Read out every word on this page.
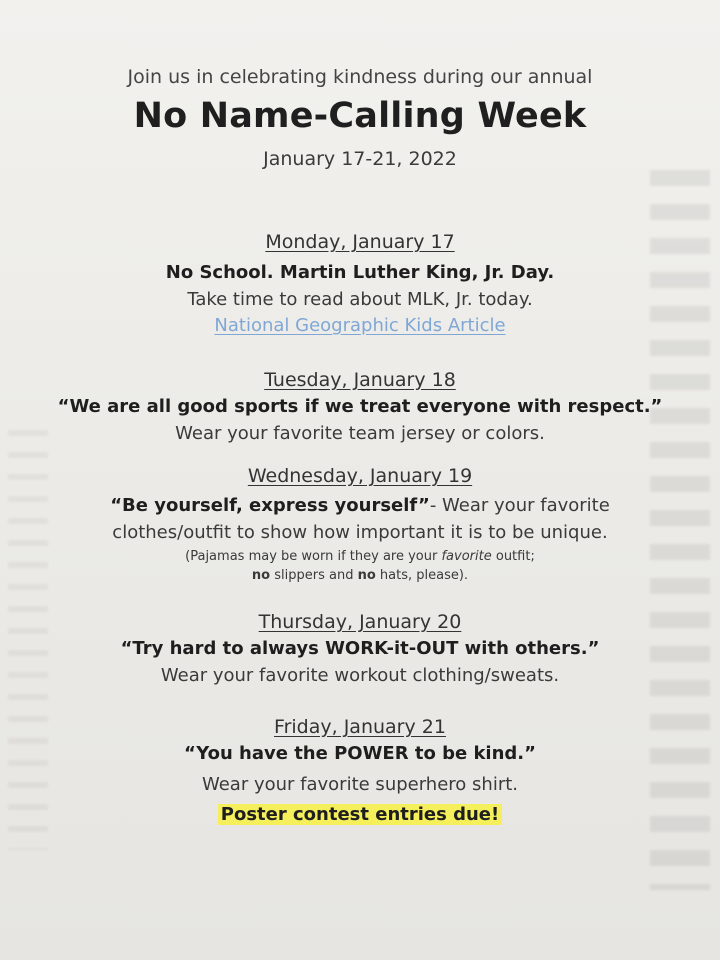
Join us in celebrating kindness during our annual
No Name-Calling Week
January 17-21, 2022
Monday, January 17
No School. Martin Luther King, Jr. Day.
Take time to read about MLK, Jr. today.
National Geographic Kids Article
Tuesday, January 18
“We are all good sports if we treat everyone with respect.”
Wear your favorite team jersey or colors.
Wednesday, January 19
“Be yourself, express yourself”- Wear your favorite
clothes/outfit to show how important it is to be unique.
(Pajamas may be worn if they are your favorite outfit;
no slippers and no hats, please).
Thursday, January 20
“Try hard to always WORK-it-OUT with others.”
Wear your favorite workout clothing/sweats.
Friday, January 21
“You have the POWER to be kind.”
Wear your favorite superhero shirt.
Poster contest entries due!
